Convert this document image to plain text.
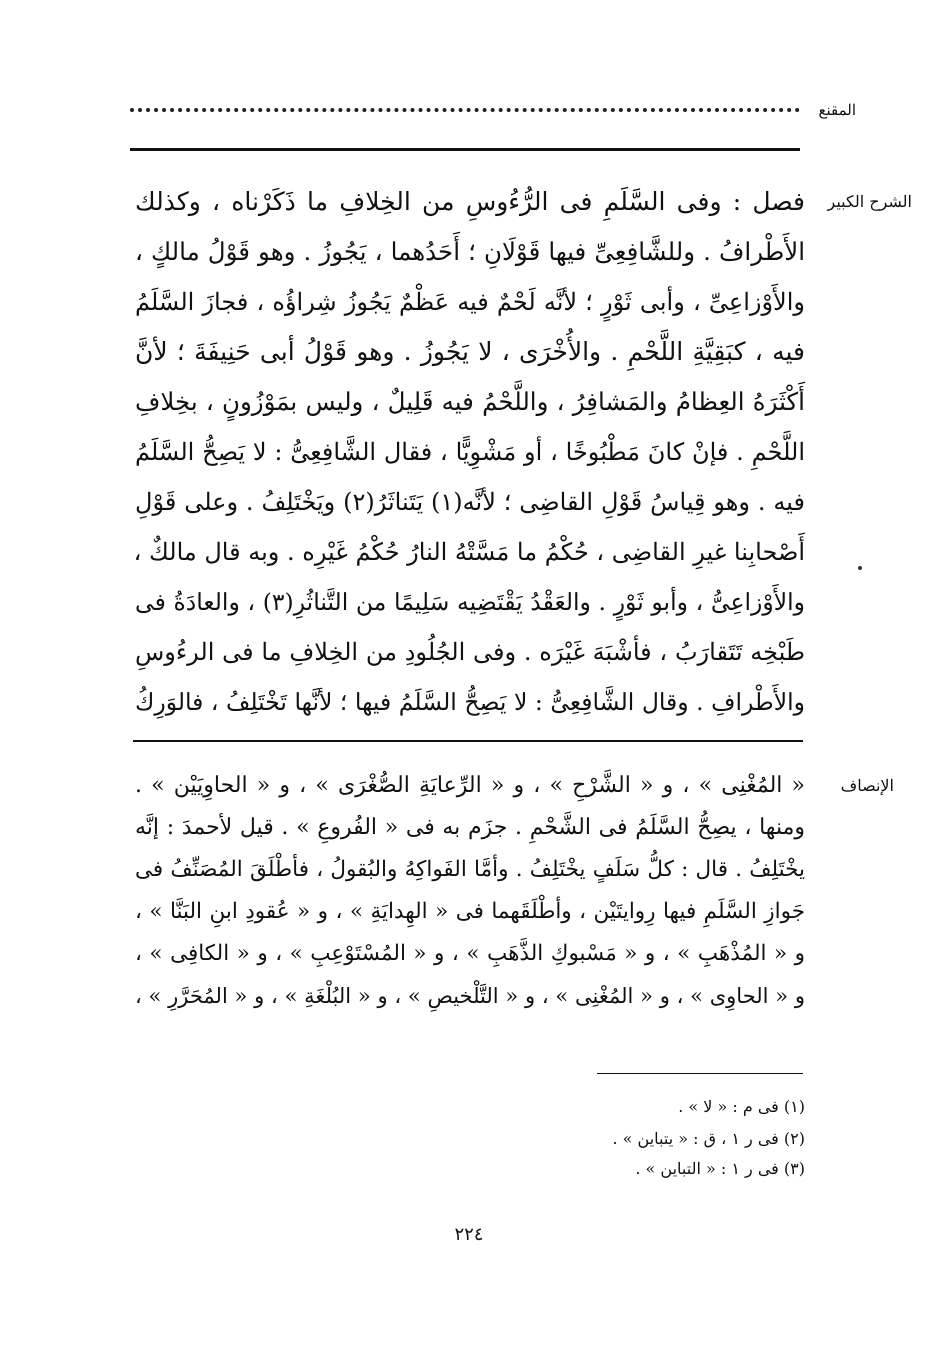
المقنع
الشرح الكبير
الإنصاف
فصل : وفى السَّلَمِ فى الرُّءُوسِ من الخِلافِ ما ذَكَرْناه ، وكذلك
الأَطْرافُ . وللشَّافِعِىِّ فيها قَوْلَانِ ؛ أَحَدُهما ، يَجُوزُ . وهو قَوْلُ مالكٍ ،
والأَوْزاعِىِّ ، وأبى ثَوْرٍ ؛ لأنَّه لَحْمٌ فيه عَظْمٌ يَجُوزُ شِراؤُه ، فجازَ السَّلَمُ
فيه ، كبَقِيَّةِ اللَّحْمِ . والأُخْرَى ، لا يَجُوزُ . وهو قَوْلُ أبى حَنِيفَةَ ؛ لأنَّ
أَكْثَرَهُ العِظامُ والمَشافِرُ ، واللَّحْمُ فيه قَلِيلٌ ، وليس بمَوْزُونٍ ، بخِلافِ
اللَّحْمِ . فإنْ كانَ مَطْبُوخًا ، أو مَشْوِيًّا ، فقال الشَّافِعِىُّ : لا يَصِحُّ السَّلَمُ
فيه . وهو قِياسُ قَوْلِ القاضِى ؛ لأنَّه(١) يَتَناثَرُ(٢) ويَخْتَلِفُ . وعلى قَوْلِ
أَصْحابِنا غيرِ القاضِى ، حُكْمُ ما مَسَّتْهُ النارُ حُكْمُ غَيْرِه . وبه قال مالكٌ ،
والأَوْزاعِىُّ ، وأبو ثَوْرٍ . والعَقْدُ يَقْتَضِيه سَلِيمًا من التَّناثُرِ(٣) ، والعادَةُ فى
طَبْخِه تَتَقارَبُ ، فأشْبَهَ غَيْرَه . وفى الجُلُودِ من الخِلافِ ما فى الرءُوسِ
والأَطْرافِ . وقال الشَّافِعِىُّ : لا يَصِحُّ السَّلَمُ فيها ؛ لأنَّها تَخْتَلِفُ ، فالوَرِكُ
« المُغْنِى » ، و « الشَّرْحِ » ، و « الرِّعايَةِ الصُّغْرَى » ، و « الحاوِيَيْن » .
ومنها ، يصِحُّ السَّلَمُ فى الشَّحْمِ . جزَم به فى « الفُروعِ » . قيل لأحمدَ : إنَّه
يخْتَلِفُ . قال : كلُّ سَلَفٍ يخْتَلِفُ . وأمَّا الفَواكِهُ والبُقولُ ، فأطْلَقَ المُصَنِّفُ فى
جَوازِ السَّلَمِ فيها رِوايتَيْن ، وأطْلَقَهما فى « الهِدايَةِ » ، و « عُقودِ ابنِ البَنَّا » ،
و « المُذْهَبِ » ، و « مَسْبوكِ الذَّهَبِ » ، و « المُسْتَوْعِبِ » ، و « الكافِى » ،
و « الحاوِى » ، و « المُغْنِى » ، و « التَّلْخيصِ » ، و « البُلْغَةِ » ، و « المُحَرَّرِ » ،
(١) فى م : « لا » .
(٢) فى ر ١ ، ق : « يتباين » .
(٣) فى ر ١ : « التباين » .
٢٢٤
